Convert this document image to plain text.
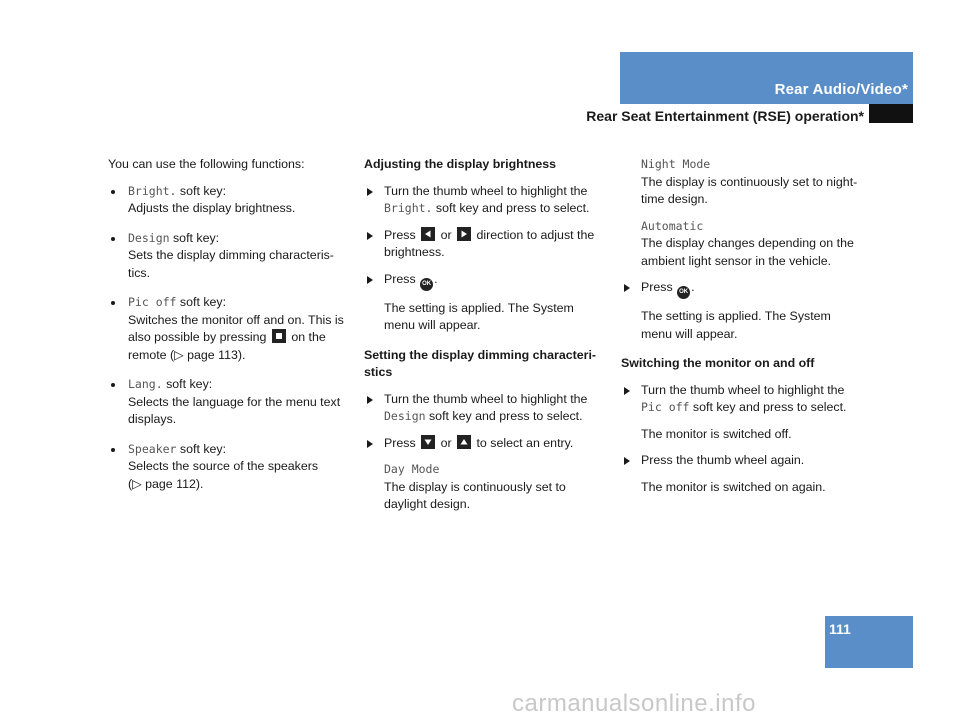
Rear Audio/Video*
Rear Seat Entertainment (RSE) operation*

You can use the following functions:

Bright. soft key:

Adjusts the display brightness.

Design soft key:

Sets the display dimming characteris-

tics.

Pic off soft key:

Switches the monitor off and on. This is

also possible by pressing
on the

remote (▷ page 113).

Lang. soft key:

Selects the language for the menu text

displays.

Speaker soft key:

Selects the source of the speakers

(▷ page 112).

Adjusting the display brightness

Turn the thumb wheel to highlight the

Bright. soft key and press to select.

Press
or
direction to adjust the

brightness.

Press OK .

The setting is applied. The System

menu will appear.

Setting the display dimming characteri-

stics

Turn the thumb wheel to highlight the

Design soft key and press to select.

Press
or
to select an entry.

Day Mode

The display is continuously set to

daylight design.

Night Mode

The display is continuously set to night-

time design.

Automatic

The display changes depending on the

ambient light sensor in the vehicle.

Press OK .

The setting is applied. The System

menu will appear.

Switching the monitor on and off

Turn the thumb wheel to highlight the

Pic off soft key and press to select.

The monitor is switched off.

Press the thumb wheel again.

The monitor is switched on again.

111
carmanualsonline.info
